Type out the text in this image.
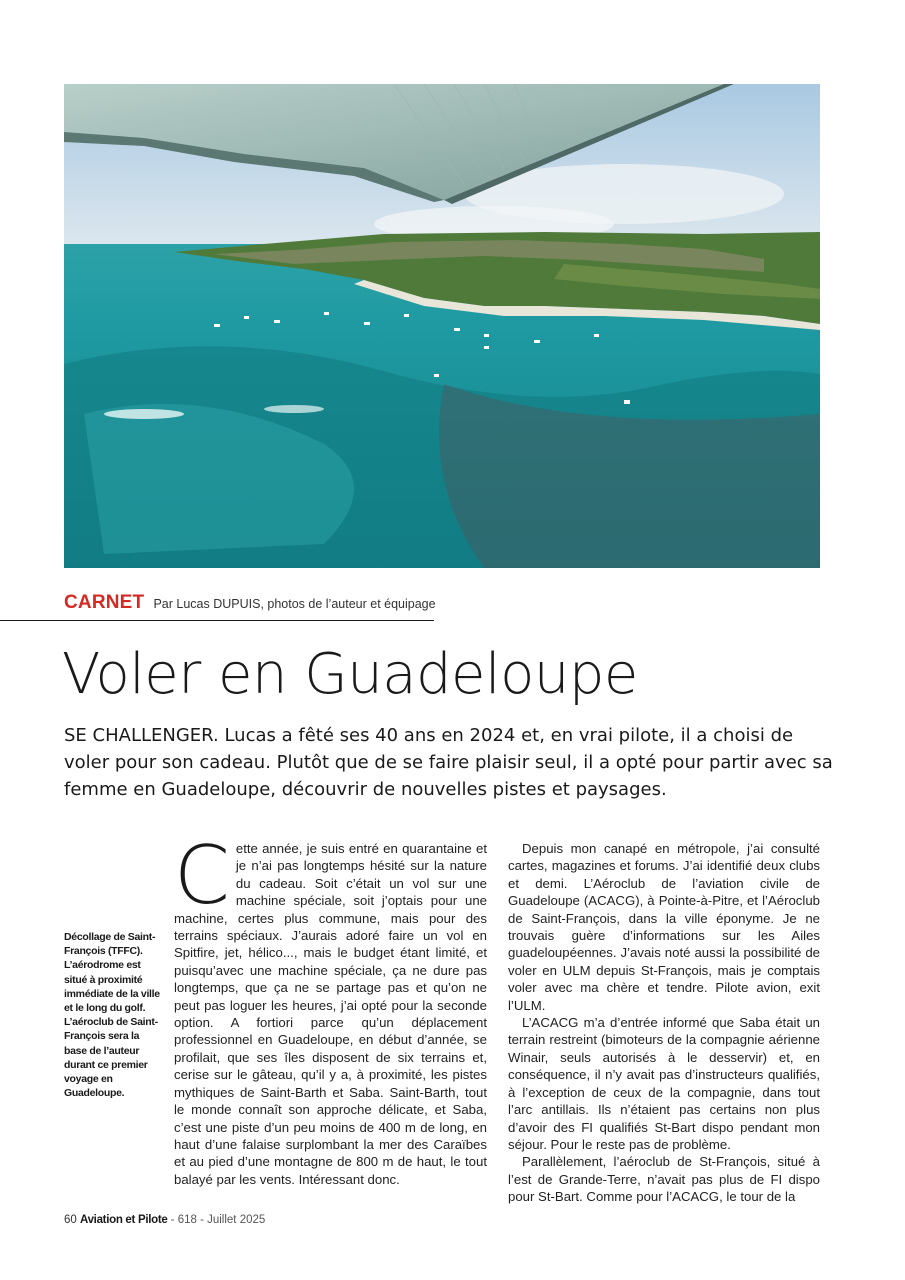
CARNET Par Lucas DUPUIS, photos de l’auteur et équipage
Voler en Guadeloupe

SE CHALLENGER. Lucas a fêté ses 40 ans en 2024 et, en vrai pilote, il a choisi de voler pour son cadeau. Plutôt que de se faire plaisir seul, il a opté pour partir avec sa femme en Guadeloupe, découvrir de nouvelles pistes et paysages.

Décollage de Saint-François (TFFC). L’aérodrome est situé à proximité immédiate de la ville et le long du golf. L’aéroclub de Saint-François sera la base de l’auteur durant ce premier voyage en Guadeloupe.

Cette année, je suis entré en quarantaine et je n’ai pas longtemps hésité sur la nature du cadeau. Soit c’était un vol sur une machine spéciale, soit j’optais pour une machine, certes plus commune, mais pour des terrains spéciaux. J’aurais adoré faire un vol en Spitfire, jet, hélico..., mais le budget étant limité, et puisqu’avec une machine spéciale, ça ne dure pas longtemps, que ça ne se partage pas et qu’on ne peut pas loguer les heures, j’ai opté pour la seconde option. A fortiori parce qu’un déplacement professionnel en Guadeloupe, en début d’année, se profilait, que ses îles disposent de six terrains et, cerise sur le gâteau, qu’il y a, à proximité, les pistes mythiques de Saint-Barth et Saba. Saint-Barth, tout le monde connaît son approche délicate, et Saba, c’est une piste d’un peu moins de 400 m de long, en haut d’une falaise surplombant la mer des Caraïbes et au pied d’une montagne de 800 m de haut, le tout balayé par les vents. Intéressant donc.

Depuis mon canapé en métropole, j’ai consulté cartes, magazines et forums. J’ai identifié deux clubs et demi. L’Aéroclub de l’aviation civile de Guadeloupe (ACACG), à Pointe-à-Pitre, et l’Aéroclub de Saint-François, dans la ville éponyme. Je ne trouvais guère d’informations sur les Ailes guadeloupéennes. J’avais noté aussi la possibilité de voler en ULM depuis St-François, mais je comptais voler avec ma chère et tendre. Pilote avion, exit l’ULM.

L’ACACG m’a d’entrée informé que Saba était un terrain restreint (bimoteurs de la compagnie aérienne Winair, seuls autorisés à le desservir) et, en conséquence, il n’y avait pas d’instructeurs qualifiés, à l’exception de ceux de la compagnie, dans tout l’arc antillais. Ils n’étaient pas certains non plus d’avoir des FI qualifiés St-Bart dispo pendant mon séjour. Pour le reste pas de problème.

Parallèlement, l’aéroclub de St-François, situé à l’est de Grande-Terre, n’avait pas plus de FI dispo pour St-Bart. Comme pour l’ACACG, le tour de la

60 Aviation et Pilote - 618 - Juillet 2025
